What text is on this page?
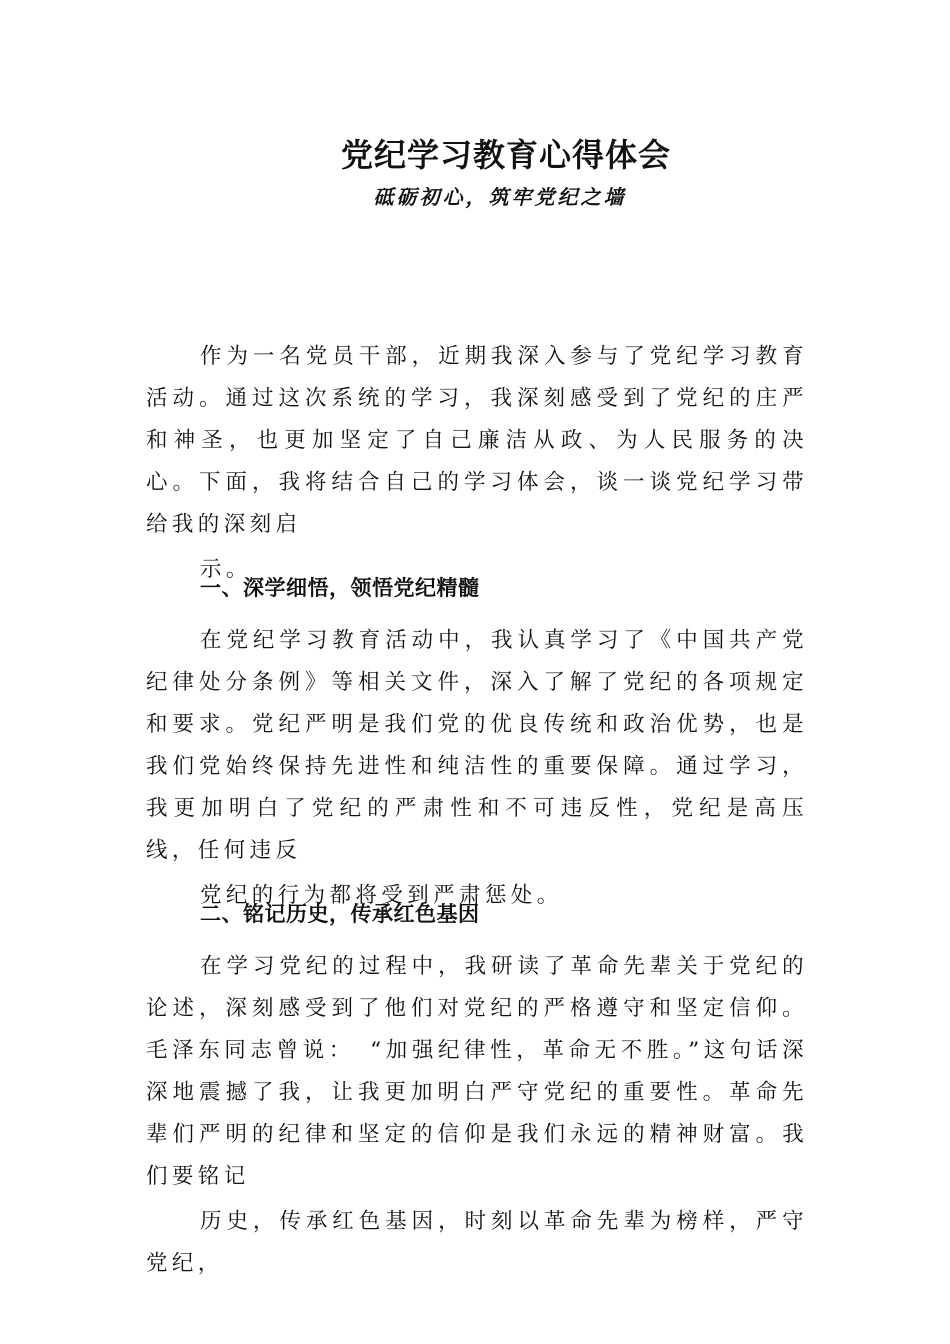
党纪学习教育心得体会
砥砺初心，筑牢党纪之墙

作为一名党员干部，近期我深入参与了党纪学习教育活动。通过这次系统的学习，我深刻感受到了党纪的庄严和神圣，也更加坚定了自己廉洁从政、为人民服务的决心。下面，我将结合自己的学习体会，谈一谈党纪学习带给我的深刻启
示。

一、深学细悟，领悟党纪精髓

在党纪学习教育活动中，我认真学习了《中国共产党纪律处分条例》等相关文件，深入了解了党纪的各项规定和要求。党纪严明是我们党的优良传统和政治优势，也是我们党始终保持先进性和纯洁性的重要保障。通过学习，我更加明白了党纪的严肃性和不可违反性，党纪是高压线，任何违反
党纪的行为都将受到严肃惩处。

二、铭记历史，传承红色基因

在学习党纪的过程中，我研读了革命先辈关于党纪的论述，深刻感受到了他们对党纪的严格遵守和坚定信仰。毛泽东同志曾说：　“加强纪律性，革命无不胜。”这句话深深地震撼了我，让我更加明白严守党纪的重要性。革命先辈们严明的纪律和坚定的信仰是我们永远的精神财富。我们要铭记
历史，传承红色基因，时刻以革命先辈为榜样，严守党纪，
